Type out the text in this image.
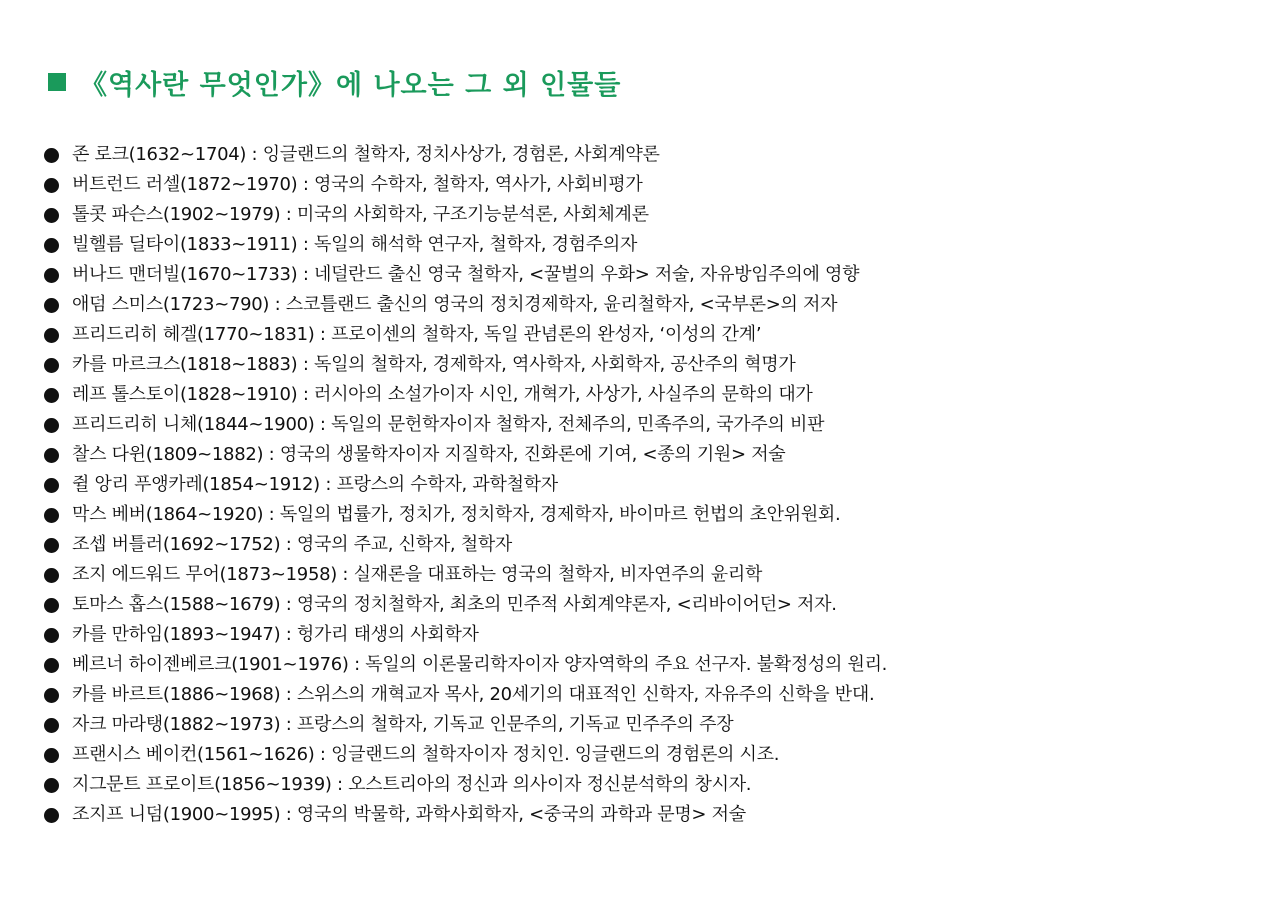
《역사란 무엇인가》에 나오는 그 외 인물들
존 로크(1632~1704) : 잉글랜드의 철학자, 정치사상가, 경험론, 사회계약론
버트런드 러셀(1872~1970) : 영국의 수학자, 철학자, 역사가, 사회비평가
톨콧 파슨스(1902~1979) : 미국의 사회학자, 구조기능분석론, 사회체계론
빌헬름 딜타이(1833~1911) : 독일의 해석학 연구자, 철학자, 경험주의자
버나드 맨더빌(1670~1733) : 네덜란드 출신 영국 철학자, <꿀벌의 우화> 저술, 자유방임주의에 영향
애덤 스미스(1723~790) : 스코틀랜드 출신의 영국의 정치경제학자, 윤리철학자, <국부론>의 저자
프리드리히 헤겔(1770~1831) : 프로이센의 철학자, 독일 관념론의 완성자, ‘이성의 간계’
카를 마르크스(1818~1883) : 독일의 철학자, 경제학자, 역사학자, 사회학자, 공산주의 혁명가
레프 톨스토이(1828~1910) : 러시아의 소설가이자 시인, 개혁가, 사상가, 사실주의 문학의 대가
프리드리히 니체(1844~1900) : 독일의 문헌학자이자 철학자, 전체주의, 민족주의, 국가주의 비판
찰스 다윈(1809~1882) : 영국의 생물학자이자 지질학자, 진화론에 기여, <종의 기원> 저술
쥘 앙리 푸앵카레(1854~1912) : 프랑스의 수학자, 과학철학자
막스 베버(1864~1920) : 독일의 법률가, 정치가, 정치학자, 경제학자, 바이마르 헌법의 초안위원회.
조셉 버틀러(1692~1752) : 영국의 주교, 신학자, 철학자
조지 에드워드 무어(1873~1958) : 실재론을 대표하는 영국의 철학자, 비자연주의 윤리학
토마스 홉스(1588~1679) : 영국의 정치철학자, 최초의 민주적 사회계약론자, <리바이어던> 저자.
카를 만하임(1893~1947) : 헝가리 태생의 사회학자
베르너 하이젠베르크(1901~1976) : 독일의 이론물리학자이자 양자역학의 주요 선구자. 불확정성의 원리.
카를 바르트(1886~1968) : 스위스의 개혁교자 목사, 20세기의 대표적인 신학자, 자유주의 신학을 반대.
자크 마라탱(1882~1973) : 프랑스의 철학자, 기독교 인문주의, 기독교 민주주의 주장
프랜시스 베이컨(1561~1626) : 잉글랜드의 철학자이자 정치인. 잉글랜드의 경험론의 시조.
지그문트 프로이트(1856~1939) : 오스트리아의 정신과 의사이자 정신분석학의 창시자.
조지프 니덤(1900~1995) : 영국의 박물학, 과학사회학자, <중국의 과학과 문명> 저술
